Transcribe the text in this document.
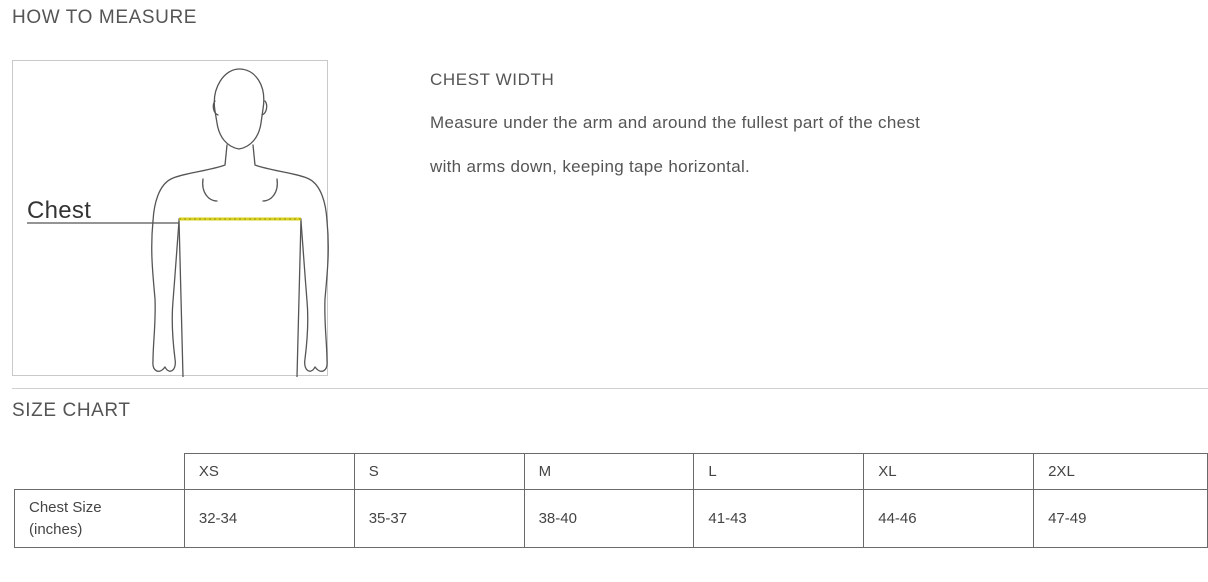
HOW TO MEASURE
Chest
CHEST WIDTH
Measure under the arm and around the fullest part of the chest
with arms down, keeping tape horizontal.
SIZE CHART
	XS	S	M	L	XL	2XL

Chest Size
(inches)	32-34	35-37	38-40	41-43	44-46	47-49
